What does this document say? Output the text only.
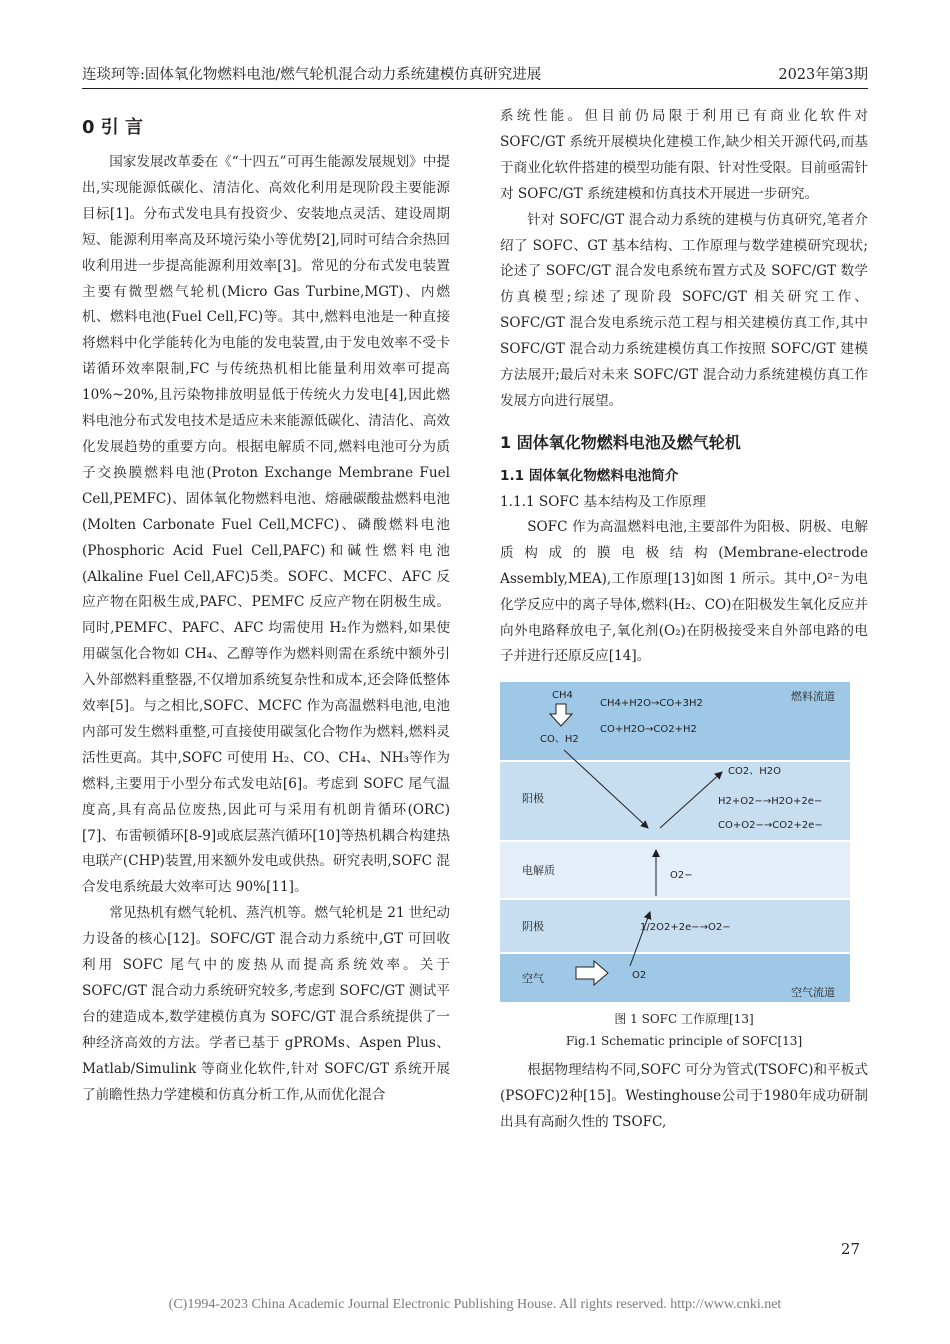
连琰珂等:固体氧化物燃料电池/燃气轮机混合动力系统建模仿真研究进展	2023年第3期
0 引 言

国家发展改革委在《“十四五”可再生能源发展规划》中提出,实现能源低碳化、清洁化、高效化利用是现阶段主要能源目标[1]。分布式发电具有投资少、安装地点灵活、建设周期短、能源利用率高及环境污染小等优势[2],同时可结合余热回收利用进一步提高能源利用效率[3]。常见的分布式发电装置主要有微型燃气轮机(Micro Gas Turbine,MGT)、内燃机、燃料电池(Fuel Cell,FC)等。其中,燃料电池是一种直接将燃料中化学能转化为电能的发电装置,由于发电效率不受卡诺循环效率限制,FC 与传统热机相比能量利用效率可提高 10%~20%,且污染物排放明显低于传统火力发电[4],因此燃料电池分布式发电技术是适应未来能源低碳化、清洁化、高效化发展趋势的重要方向。根据电解质不同,燃料电池可分为质子交换膜燃料电池(Proton Exchange Membrane Fuel Cell,PEMFC)、固体氧化物燃料电池、熔融碳酸盐燃料电池(Molten Carbonate Fuel Cell,MCFC)、磷酸燃料电池(Phosphoric Acid Fuel Cell,PAFC)和碱性燃料电池(Alkaline Fuel Cell,AFC)5类。SOFC、MCFC、AFC 反应产物在阳极生成,PAFC、PEMFC 反应产物在阴极生成。同时,PEMFC、PAFC、AFC 均需使用 H₂作为燃料,如果使用碳氢化合物如 CH₄、乙醇等作为燃料则需在系统中额外引入外部燃料重整器,不仅增加系统复杂性和成本,还会降低整体效率[5]。与之相比,SOFC、MCFC 作为高温燃料电池,电池内部可发生燃料重整,可直接使用碳氢化合物作为燃料,燃料灵活性更高。其中,SOFC 可使用 H₂、CO、CH₄、NH₃等作为燃料,主要用于小型分布式发电站[6]。考虑到 SOFC 尾气温度高,具有高品位废热,因此可与采用有机朗肯循环(ORC)[7]、布雷顿循环[8-9]或底层蒸汽循环[10]等热机耦合构建热电联产(CHP)装置,用来额外发电或供热。研究表明,SOFC 混合发电系统最大效率可达 90%[11]。

常见热机有燃气轮机、蒸汽机等。燃气轮机是 21 世纪动力设备的核心[12]。SOFC/GT 混合动力系统中,GT 可回收利用 SOFC 尾气中的废热从而提高系统效率。关于 SOFC/GT 混合动力系统研究较多,考虑到 SOFC/GT 测试平台的建造成本,数学建模仿真为 SOFC/GT 混合系统提供了一种经济高效的方法。学者已基于 gPROMs、Aspen Plus、Matlab/Simulink 等商业化软件,针对 SOFC/GT 系统开展了前瞻性热力学建模和仿真分析工作,从而优化混合

系统性能。但目前仍局限于利用已有商业化软件对 SOFC/GT 系统开展模块化建模工作,缺少相关开源代码,而基于商业化软件搭建的模型功能有限、针对性受限。目前亟需针对 SOFC/GT 系统建模和仿真技术开展进一步研究。

针对 SOFC/GT 混合动力系统的建模与仿真研究,笔者介绍了 SOFC、GT 基本结构、工作原理与数学建模研究现状;论述了 SOFC/GT 混合发电系统布置方式及 SOFC/GT 数学仿真模型;综述了现阶段 SOFC/GT 相关研究工作、SOFC/GT 混合发电系统示范工程与相关建模仿真工作,其中 SOFC/GT 混合动力系统建模仿真工作按照 SOFC/GT 建模方法展开;最后对未来 SOFC/GT 混合动力系统建模仿真工作发展方向进行展望。

1 固体氧化物燃料电池及燃气轮机
1.1 固体氧化物燃料电池简介
1.1.1 SOFC 基本结构及工作原理

SOFC 作为高温燃料电池,主要部件为阳极、阴极、电解质构成的膜电极结构(Membrane-electrode Assembly,MEA),工作原理[13]如图 1 所示。其中,O²⁻为电化学反应中的离子导体,燃料(H₂、CO)在阳极发生氧化反应并向外电路释放电子,氧化剂(O₂)在阴极接受来自外部电路的电子并进行还原反应[14]。

燃料流道
阳极
电解质
阴极
空气
空气流道
CH4
CO、H2
CH4+H2O→CO+3H2
CO+H2O→CO2+H2
CO2、H2O
H2+O2−→H2O+2e−
CO+O2−→CO2+2e−
O2−
1/2O2+2e−→O2−
O2
图 1 SOFC 工作原理[13]
Fig.1 Schematic principle of SOFC[13]

根据物理结构不同,SOFC 可分为管式(TSOFC)和平板式(PSOFC)2种[15]。Westinghouse公司于1980年成功研制出具有高耐久性的 TSOFC,

27
(C)1994-2023 China Academic Journal Electronic Publishing House. All rights reserved. http://www.cnki.net
